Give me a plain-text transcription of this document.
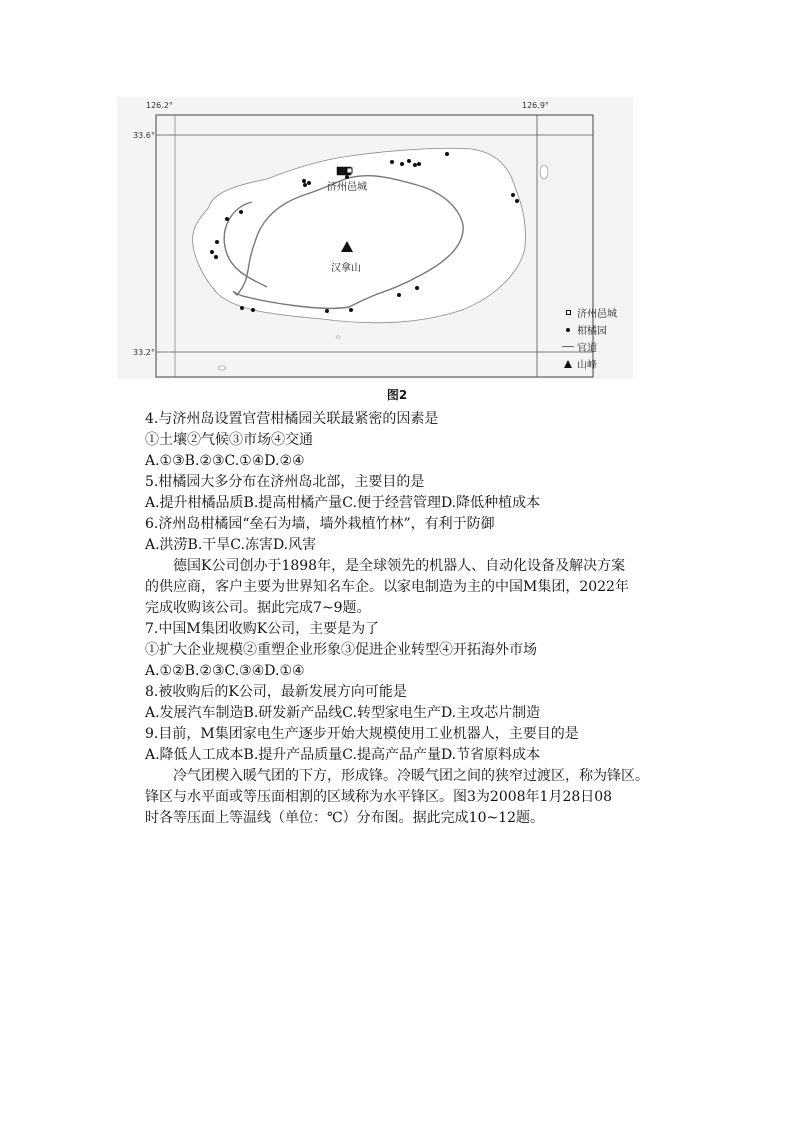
126.2°	126.9°
33.6°
33.2°
济州邑城
汉拿山
济州邑城
柑橘园
官道
山峰
图2
4.与济州岛设置官营柑橘园关联最紧密的因素是
①土壤②气候③市场④交通
A.①③B.②③C.①④D.②④
5.柑橘园大多分布在济州岛北部，主要目的是
A.提升柑橘品质B.提高柑橘产量C.便于经营管理D.降低种植成本
6.济州岛柑橘园“垒石为墙，墙外栽植竹林”，有利于防御
A.洪涝B.干旱C.冻害D.风害
德国K公司创办于1898年，是全球领先的机器人、自动化设备及解决方案
的供应商，客户主要为世界知名车企。以家电制造为主的中国M集团，2022年
完成收购该公司。据此完成7~9题。
7.中国M集团收购K公司，主要是为了
①扩大企业规模②重塑企业形象③促进企业转型④开拓海外市场
A.①②B.②③C.③④D.①④
8.被收购后的K公司，最新发展方向可能是
A.发展汽车制造B.研发新产品线C.转型家电生产D.主攻芯片制造
9.目前，M集团家电生产逐步开始大规模使用工业机器人，主要目的是
A.降低人工成本B.提升产品质量C.提高产品产量D.节省原料成本
冷气团楔入暖气团的下方，形成锋。冷暖气团之间的狭窄过渡区，称为锋区。
锋区与水平面或等压面相割的区域称为水平锋区。图3为2008年1月28日08
时各等压面上等温线（单位：℃）分布图。据此完成10~12题。
